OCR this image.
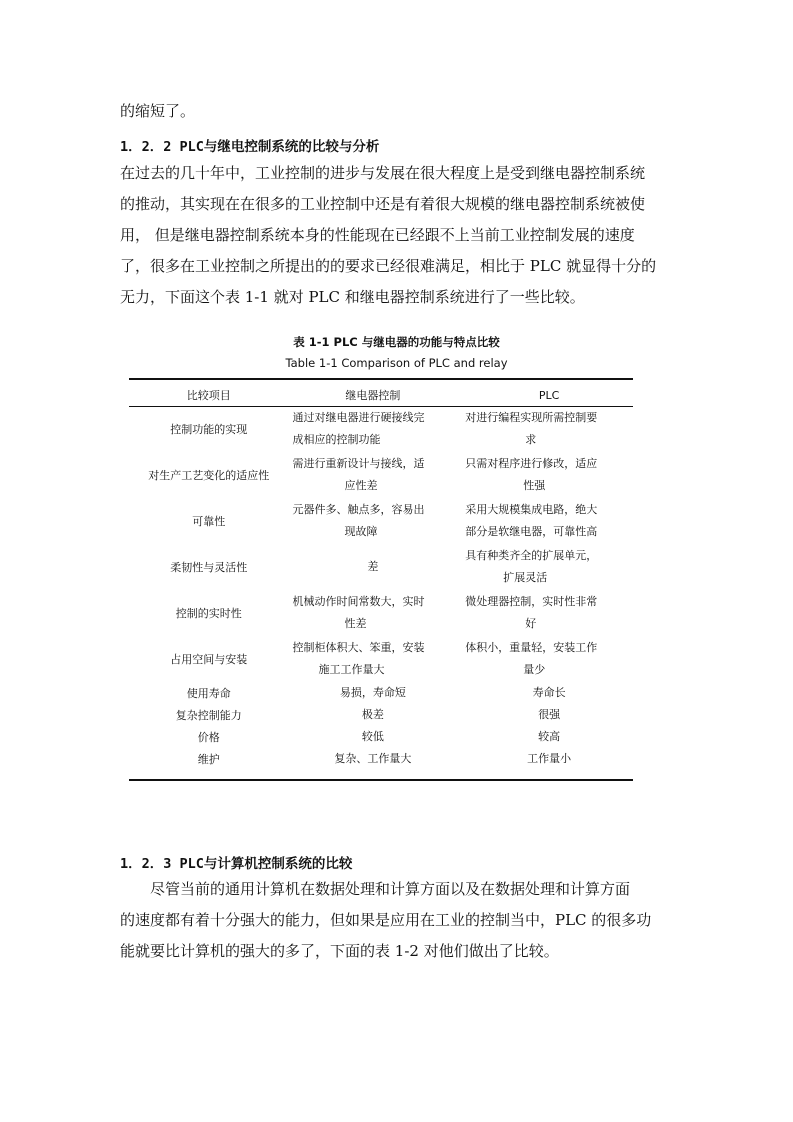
的缩短了。

1．2．2 PLC与继电控制系统的比较与分析

在过去的几十年中，工业控制的进步与发展在很大程度上是受到继电器控制系统
的推动，其实现在在很多的工业控制中还是有着很大规模的继电器控制系统被使
用， 但是继电器控制系统本身的性能现在已经跟不上当前工业控制发展的速度
了，很多在工业控制之所提出的的要求已经很难满足，相比于 PLC 就显得十分的
无力，下面这个表 1-1 就对 PLC 和继电器控制系统进行了一些比较。

表 1-1 PLC 与继电器的功能与特点比较

Table 1-1 Comparison of PLC and relay

比较项目	继电器控制	PLC
控制功能的实现	通过对继电器进行硬接线完
成相应的控制功能	对进行编程实现所需控制要
求

对生产工艺变化的适应性	需进行重新设计与接线，适
应性差	只需对程序进行修改，适应
性强

可靠性	元器件多、触点多，容易出
现故障	采用大规模集成电路，绝大
部分是软继电器，可靠性高

柔韧性与灵活性	差	具有种类齐全的扩展单元，
扩展灵活

控制的实时性	机械动作时间常数大，实时
性差	微处理器控制，实时性非常
好

占用空间与安装	控制柜体积大、笨重，安装
施工工作量大	体积小，重量轻，安装工作
量少

使用寿命	易损，寿命短	寿命长

复杂控制能力	极差	很强

价格	较低	较高

维护	复杂、工作量大	工作量小

1．2．3 PLC与计算机控制系统的比较

　　尽管当前的通用计算机在数据处理和计算方面以及在数据处理和计算方面
的速度都有着十分强大的能力，但如果是应用在工业的控制当中，PLC 的很多功
能就要比计算机的强大的多了，下面的表 1-2 对他们做出了比较。
